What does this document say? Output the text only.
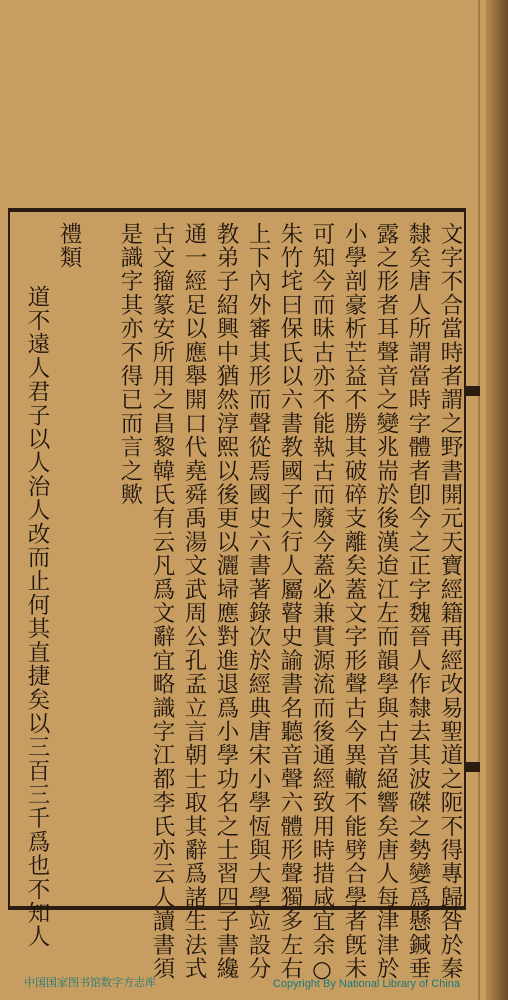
文字不合當時者謂之野書開元天寶經籍再經改易聖道之阨不得專歸咎於秦
隸矣唐人所謂當時字體者卽今之正字魏晉人作隸去其波磔之勢變爲懸鍼垂
露之形者耳聲音之變兆耑於後漢迨江左而韻學與古音絕響矣唐人每津津於
小學剖豪析芒益不勝其破碎支離矣蓋文字形聲古今異轍不能劈合學者旣未
可知今而昧古亦不能執古而廢今蓋必兼貫源流而後通經致用時措咸宜余○
朱竹垞曰保氏以六書教國子大行人屬瞽史諭書名聽音聲六體形聲獨多左右
上下內外審其形而聲從焉國史六書著錄次於經典唐宋小學恆與大學竝設分
教弟子紹興中猶然淳熙以後更以灑埽應對進退爲小學功名之士習四子書纔
通一經足以應舉開口代堯舜禹湯文武周公孔孟立言朝士取其辭爲諸生法式
古文籀篆安所用之昌黎韓氏有云凡爲文辭宜略識字江都李氏亦云人讀書須
是識字其亦不得已而言之歟
禮類
道不遠人君子以人治人改而止何其直捷矣以三百三千爲也不知人
中国国家图书馆数字方志库	Copyright By National Library of China
